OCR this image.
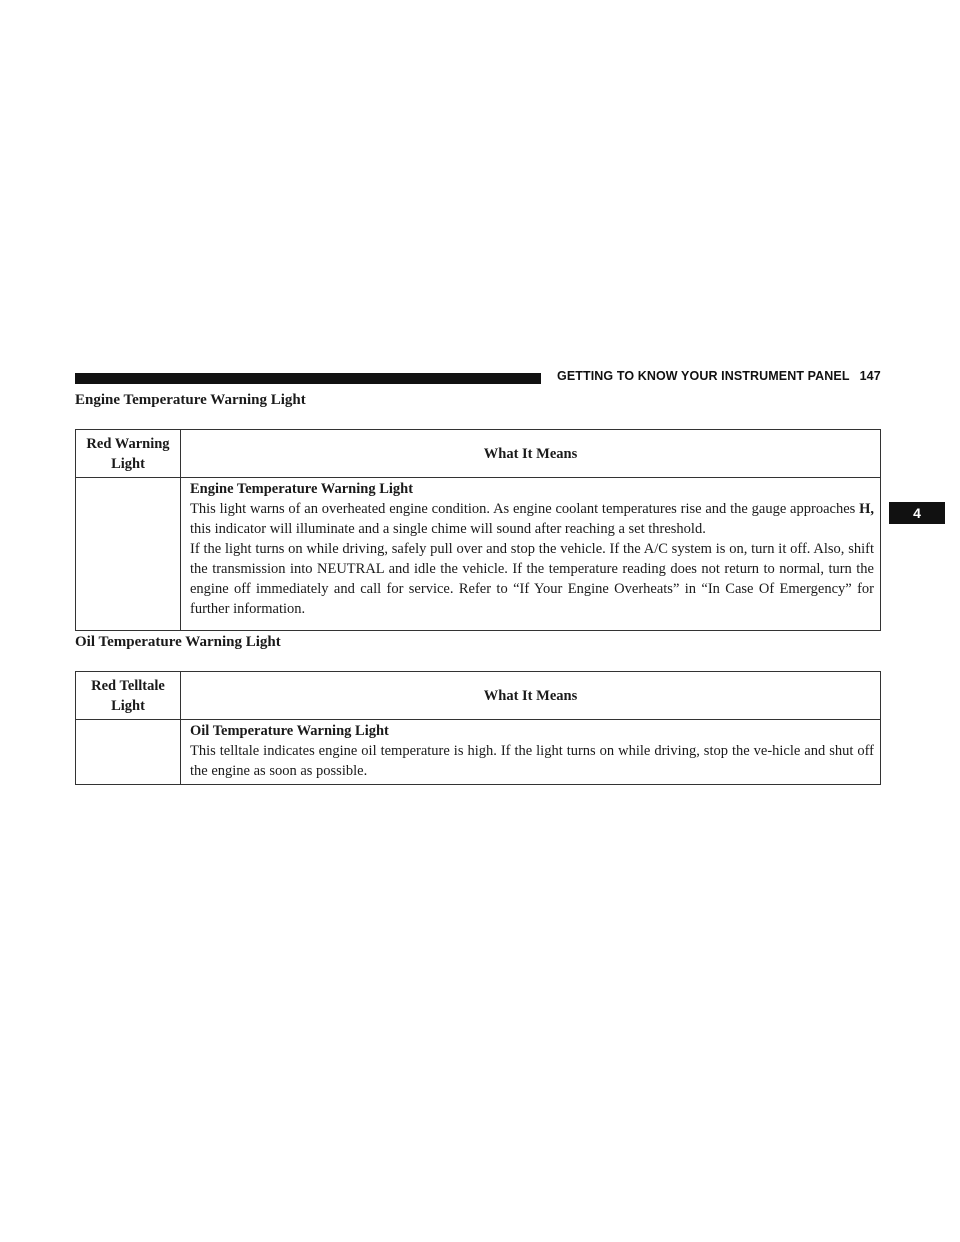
GETTING TO KNOW YOUR INSTRUMENT PANEL 147
4
Engine Temperature Warning Light
Red Warning
Light	What It Means

	Engine Temperature Warning Light
This light warns of an overheated engine condition. As engine coolant temperatures rise and the gauge approaches H, this indicator will illuminate and a single chime will sound after reaching a set threshold.
If the light turns on while driving, safely pull over and stop the vehicle. If the A/C system is on, turn it off. Also, shift the transmission into NEUTRAL and idle the vehicle. If the temperature reading does not return to normal, turn the engine off immediately and call for service. Refer to “If Your Engine Overheats” in “In Case Of Emergency” for further information.
Oil Temperature Warning Light
Red Telltale
Light	What It Means

	Oil Temperature Warning Light
This telltale indicates engine oil temperature is high. If the light turns on while driving, stop the ve-hicle and shut off the engine as soon as possible.
